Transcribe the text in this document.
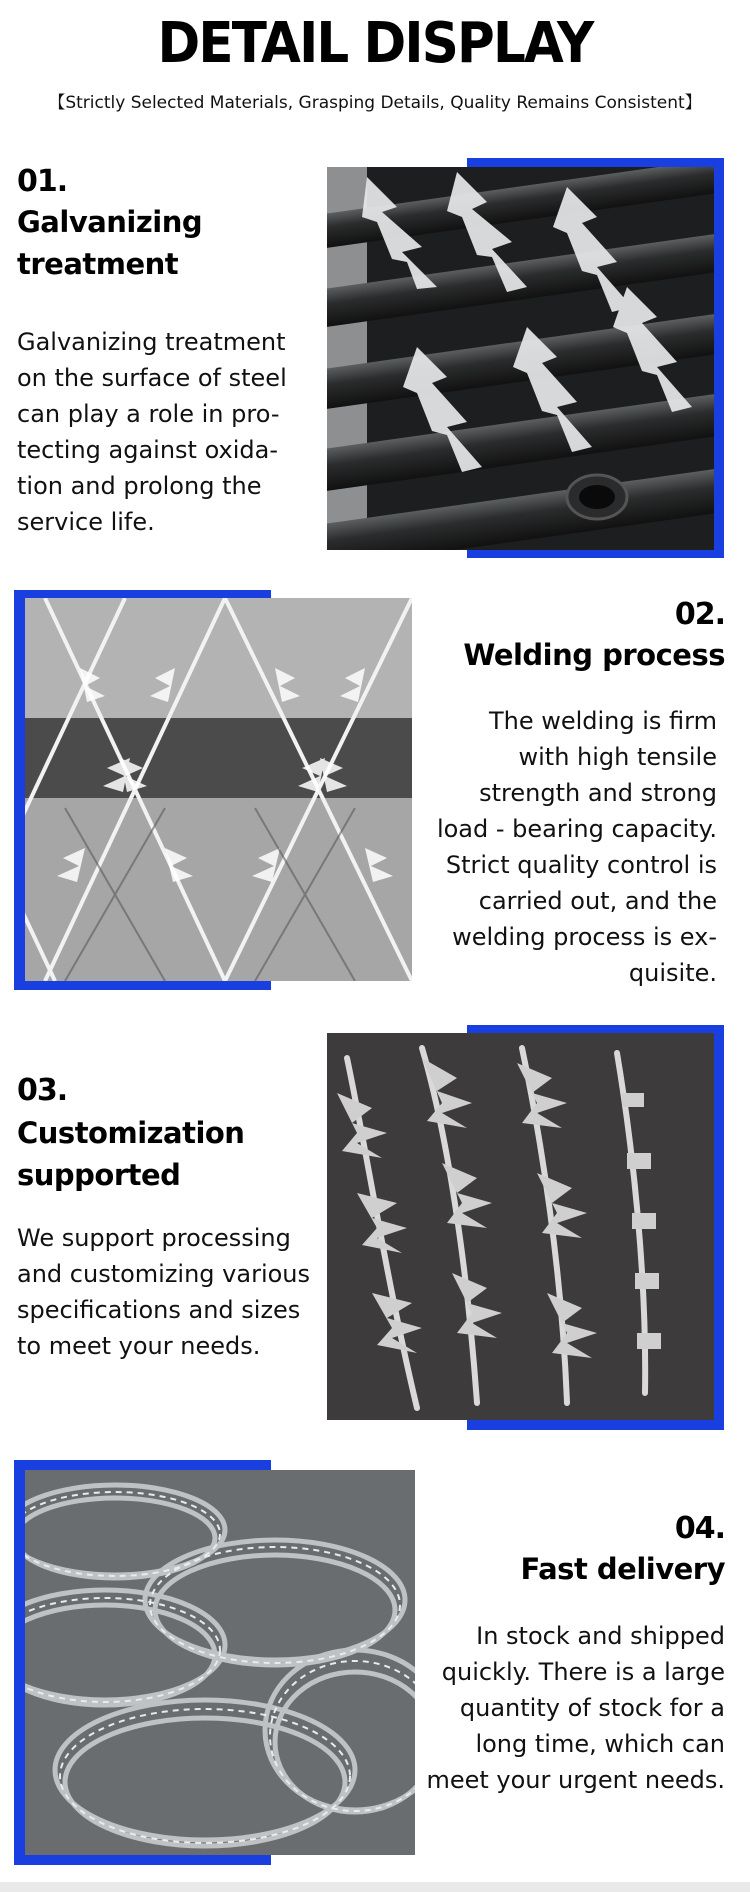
DETAIL DISPLAY
【Strictly Selected Materials, Grasping Details, Quality Remains Consistent】
01.
Galvanizing
treatment
Galvanizing treatment
on the surface of steel
can play a role in pro-
tecting against oxida-
tion and prolong the
service life.
02.
Welding process
The welding is firm
with high tensile
strength and strong
load - bearing capacity.
Strict quality control is
carried out, and the
welding process is ex-
quisite.
03.
Customization
supported
We support processing
and customizing various
specifications and sizes
to meet your needs.
04.
Fast delivery
In stock and shipped
quickly. There is a large
quantity of stock for a
long time, which can
meet your urgent needs.
